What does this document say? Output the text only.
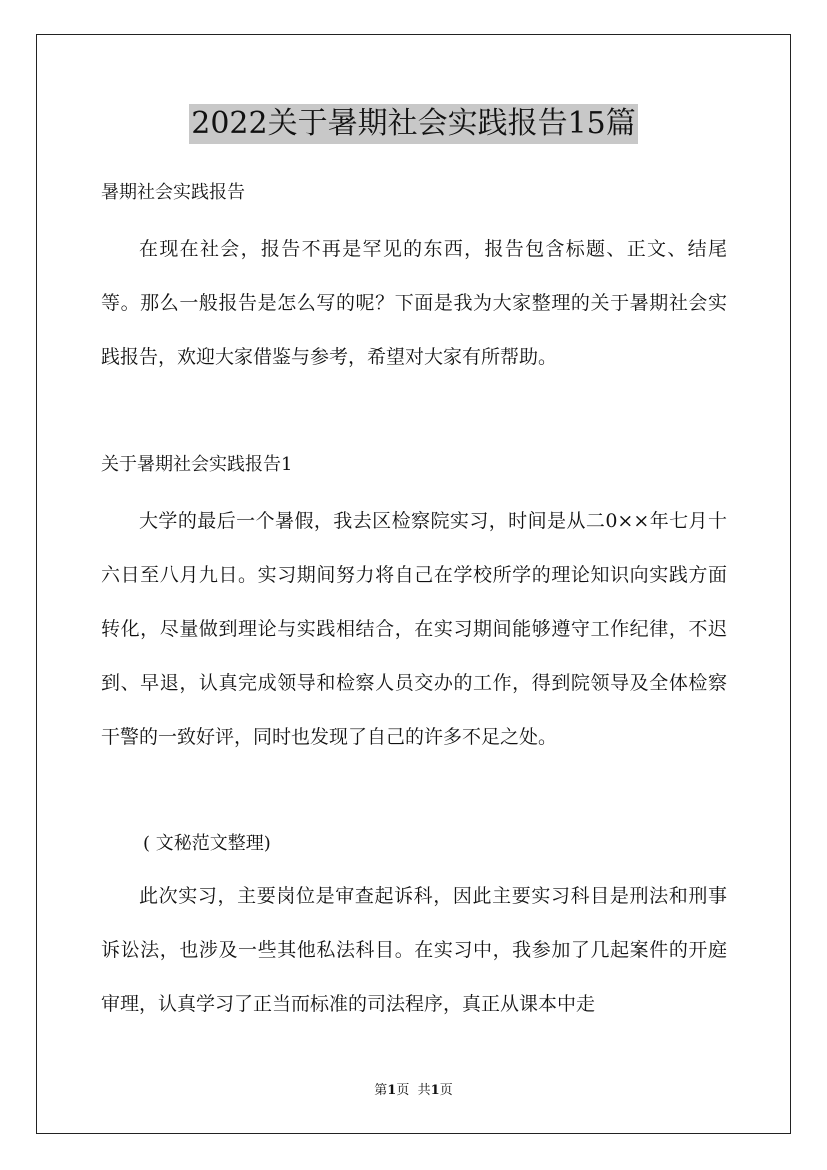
2022关于暑期社会实践报告15篇
暑期社会实践报告

在现在社会，报告不再是罕见的东西，报告包含标题、正文、结尾等。那么一般报告是怎么写的呢？下面是我为大家整理的关于暑期社会实践报告，欢迎大家借鉴与参考，希望对大家有所帮助。

关于暑期社会实践报告1

大学的最后一个暑假，我去区检察院实习，时间是从二0××年七月十六日至八月九日。实习期间努力将自己在学校所学的理论知识向实践方面转化，尽量做到理论与实践相结合，在实习期间能够遵守工作纪律，不迟到、早退，认真完成领导和检察人员交办的工作，得到院领导及全体检察干警的一致好评，同时也发现了自己的许多不足之处。

( 文秘范文整理)

此次实习，主要岗位是审查起诉科，因此主要实习科目是刑法和刑事诉讼法，也涉及一些其他私法科目。在实习中，我参加了几起案件的开庭审理，认真学习了正当而标准的司法程序，真正从课本中走

第1页 共1页
